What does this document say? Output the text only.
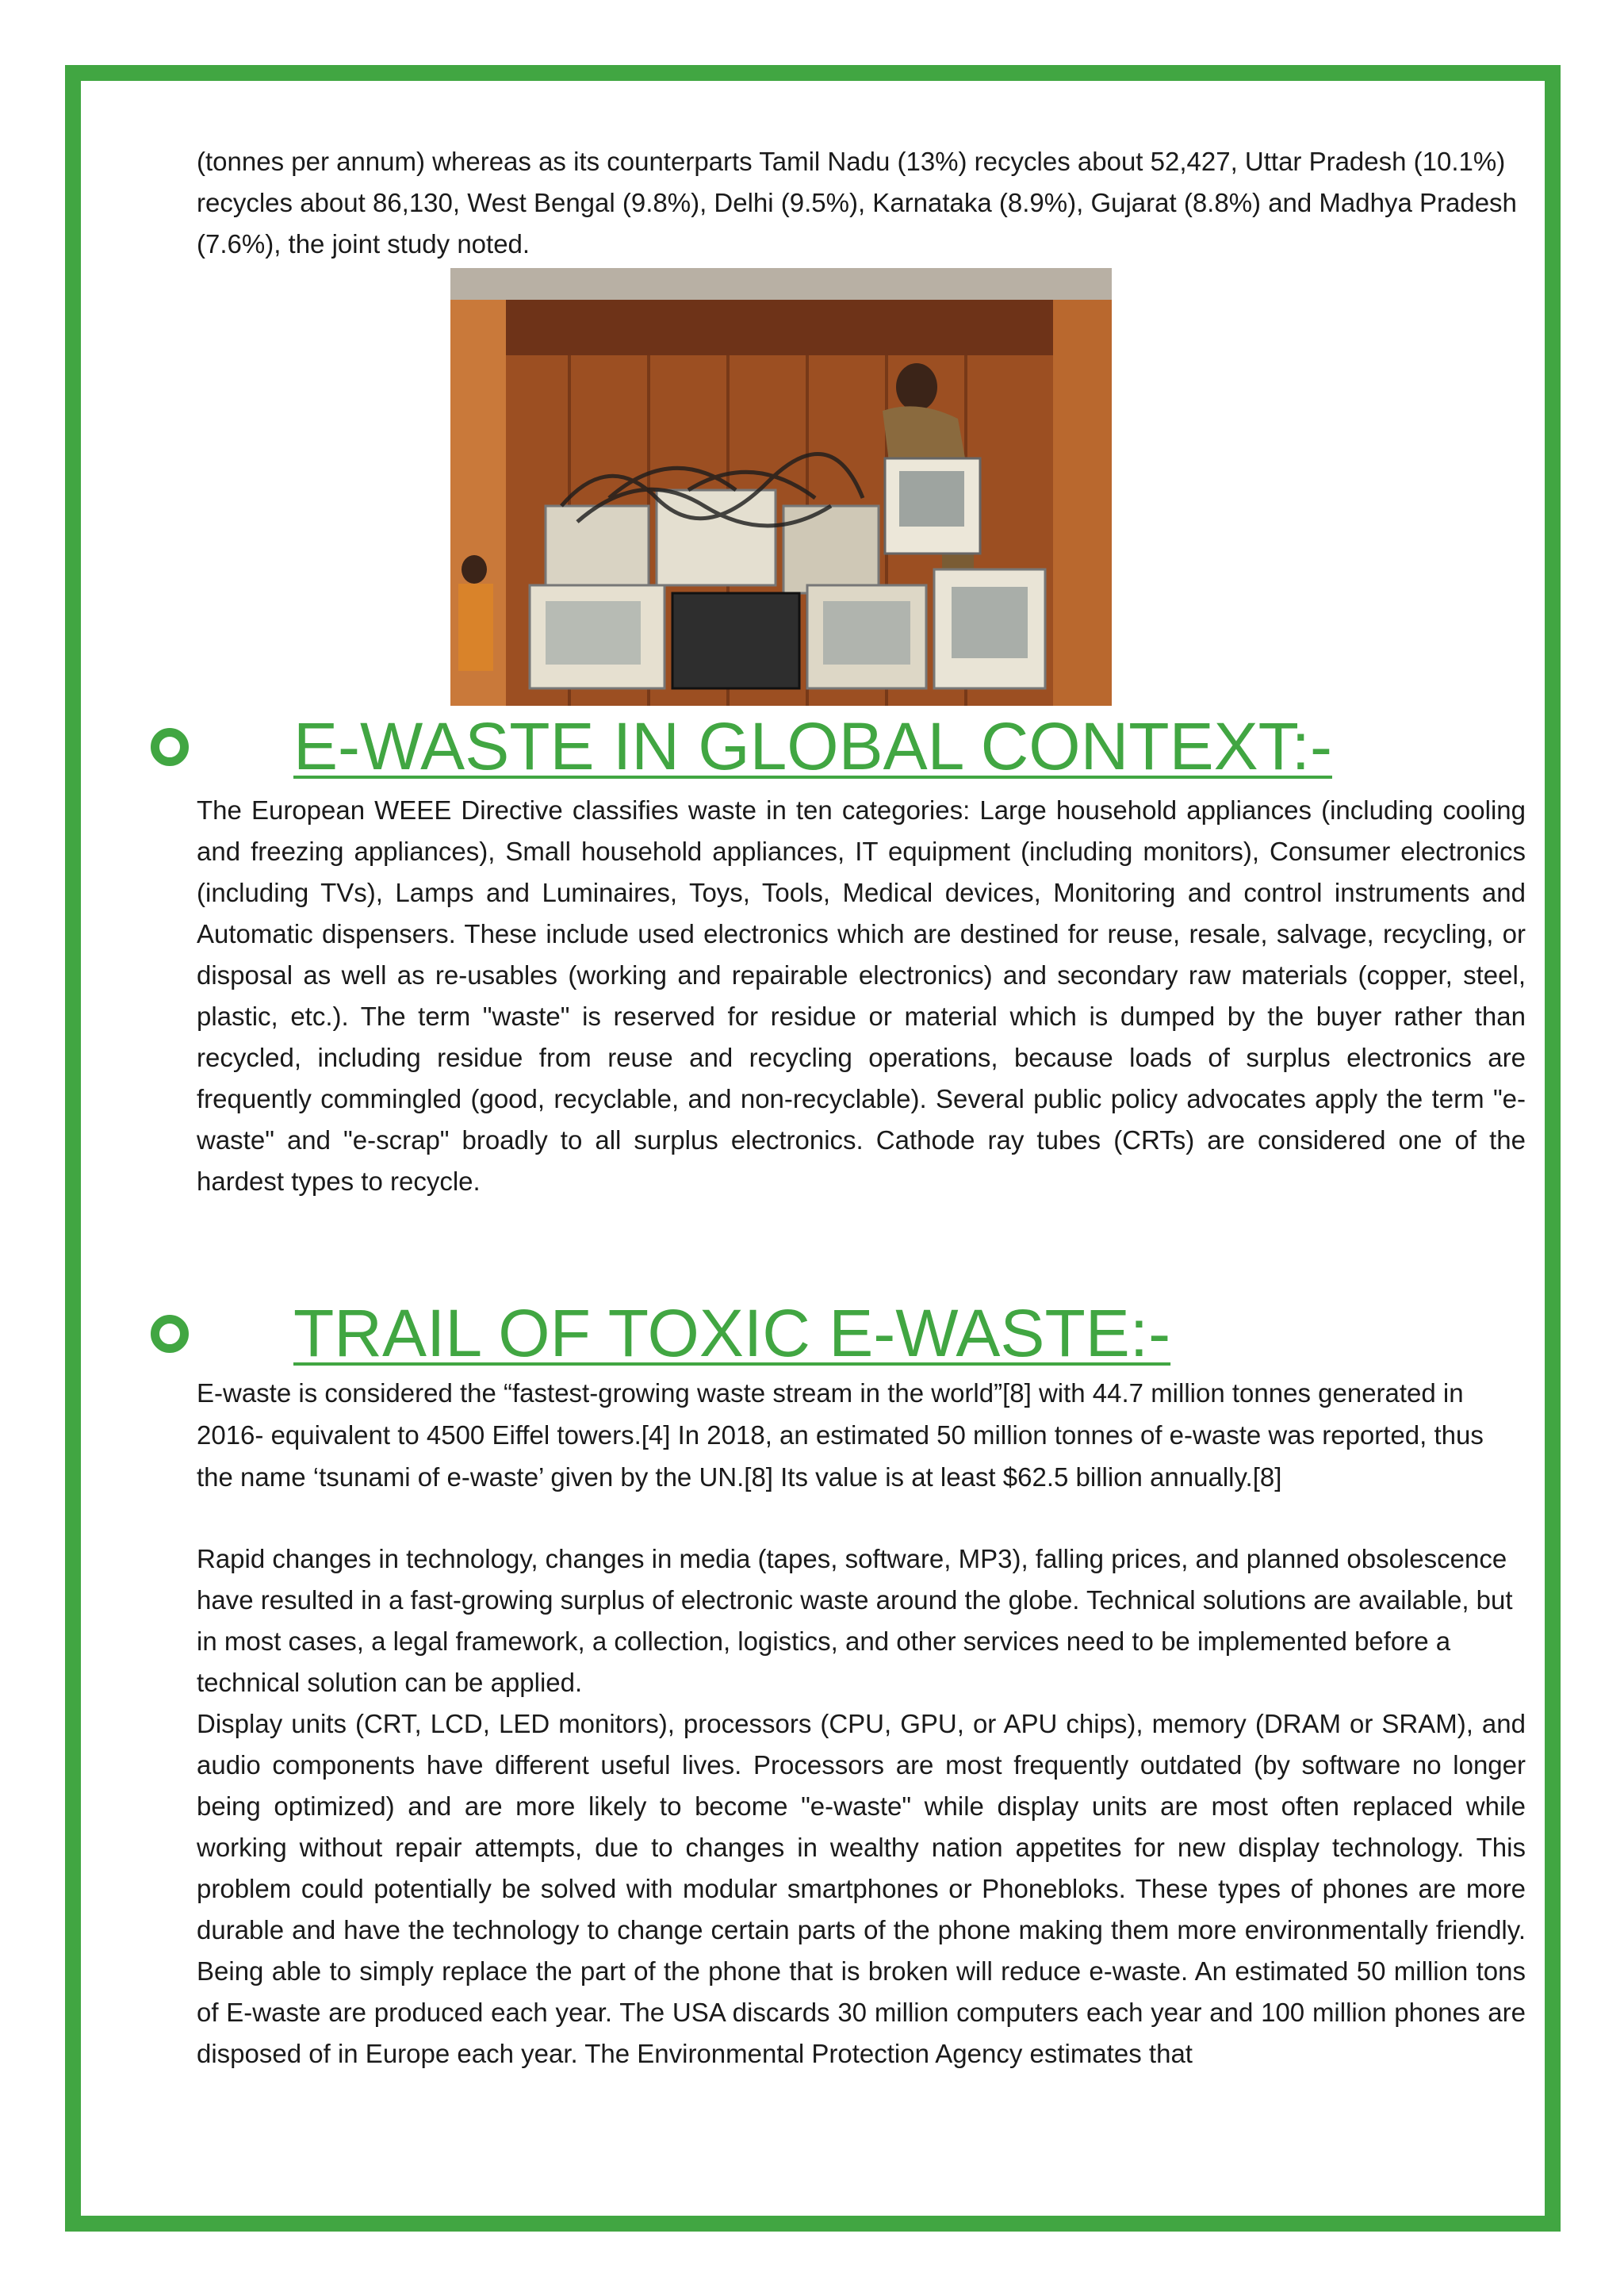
(tonnes per annum) whereas as its counterparts Tamil Nadu (13%) recycles about 52,427, Uttar Pradesh (10.1%) recycles about 86,130, West Bengal (9.8%), Delhi (9.5%), Karnataka (8.9%), Gujarat (8.8%) and Madhya Pradesh (7.6%), the joint study noted.

E-WASTE IN GLOBAL CONTEXT:-

The European WEEE Directive classifies waste in ten categories: Large household appliances (including cooling and freezing appliances), Small household appliances, IT equipment (including monitors), Consumer electronics (including TVs), Lamps and Luminaires, Toys, Tools, Medical devices, Monitoring and control instruments and Automatic dispensers. These include used electronics which are destined for reuse, resale, salvage, recycling, or disposal as well as re-usables (working and repairable electronics) and secondary raw materials (copper, steel, plastic, etc.). The term "waste" is reserved for residue or material which is dumped by the buyer rather than recycled, including residue from reuse and recycling operations, because loads of surplus electronics are frequently commingled (good, recyclable, and non-recyclable). Several public policy advocates apply the term "e-waste" and "e-scrap" broadly to all surplus electronics. Cathode ray tubes (CRTs) are considered one of the hardest types to recycle.

TRAIL OF TOXIC E-WASTE:-

E-waste is considered the “fastest-growing waste stream in the world”[8] with 44.7 million tonnes generated in 2016- equivalent to 4500 Eiffel towers.[4] In 2018, an estimated 50 million tonnes of e-waste was reported, thus the name ‘tsunami of e-waste’ given by the UN.[8] Its value is at least $62.5 billion annually.[8]

Rapid changes in technology, changes in media (tapes, software, MP3), falling prices, and planned obsolescence have resulted in a fast-growing surplus of electronic waste around the globe. Technical solutions are available, but in most cases, a legal framework, a collection, logistics, and other services need to be implemented before a technical solution can be applied.

Display units (CRT, LCD, LED monitors), processors (CPU, GPU, or APU chips), memory (DRAM or SRAM), and audio components have different useful lives. Processors are most frequently outdated (by software no longer being optimized) and are more likely to become "e-waste" while display units are most often replaced while working without repair attempts, due to changes in wealthy nation appetites for new display technology. This problem could potentially be solved with modular smartphones or Phonebloks. These types of phones are more durable and have the technology to change certain parts of the phone making them more environmentally friendly. Being able to simply replace the part of the phone that is broken will reduce e-waste. An estimated 50 million tons of E-waste are produced each year. The USA discards 30 million computers each year and 100 million phones are disposed of in Europe each year. The Environmental Protection Agency estimates that
